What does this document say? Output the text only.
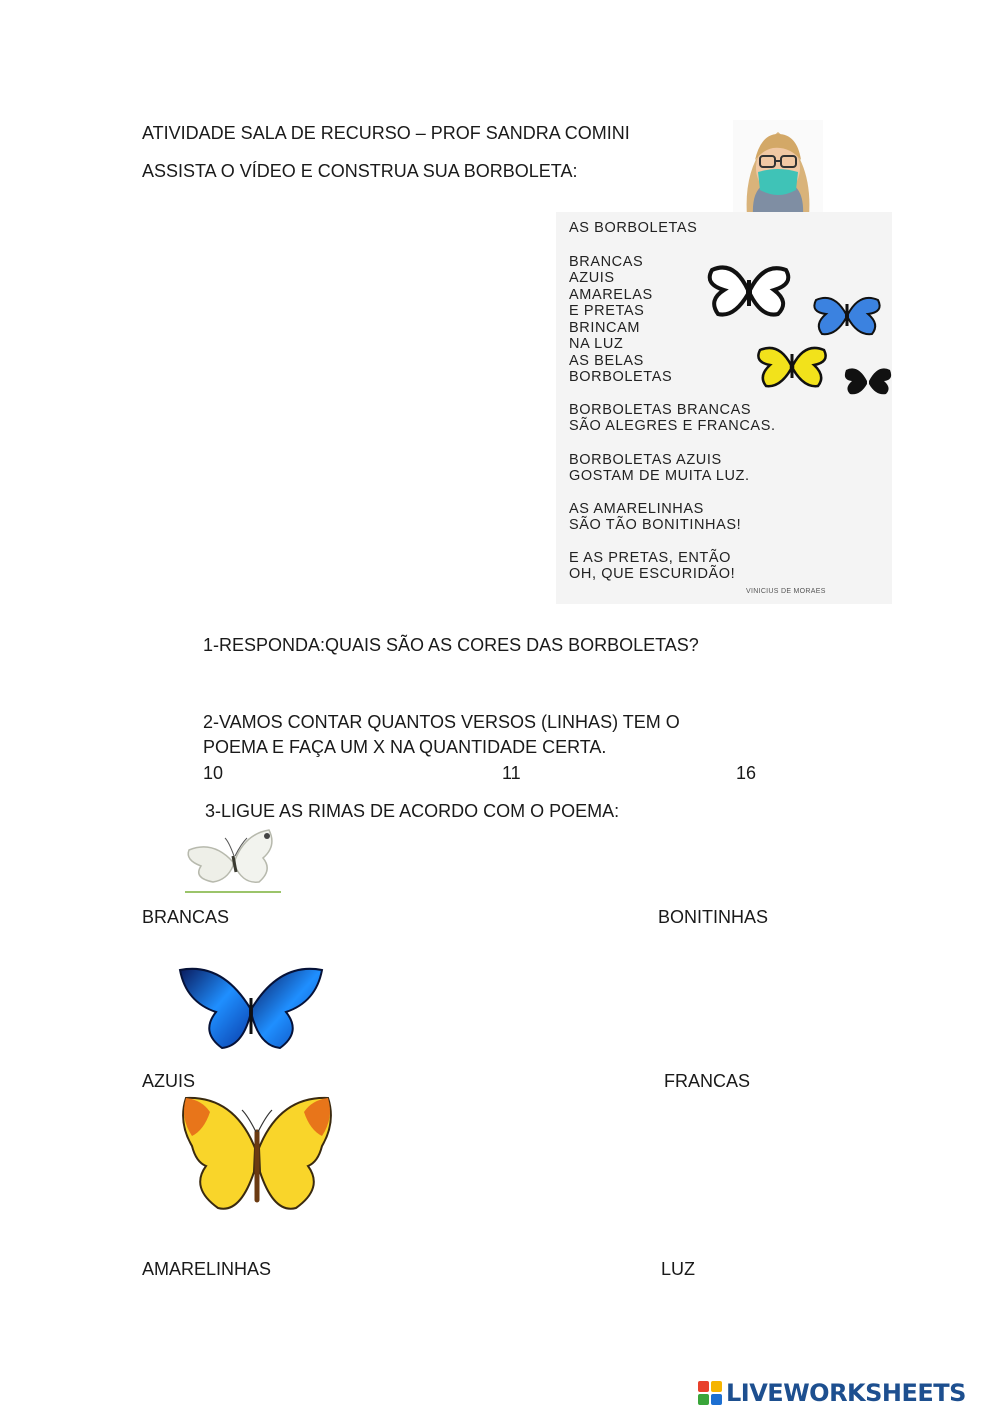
ATIVIDADE SALA DE RECURSO – PROF SANDRA COMINI
ASSISTA O VÍDEO E CONSTRUA SUA BORBOLETA:
AS BORBOLETAS
BRANCAS
AZUIS
AMARELAS
E PRETAS
BRINCAM
NA LUZ
AS BELAS
BORBOLETAS
BORBOLETAS BRANCAS
SÃO ALEGRES E FRANCAS.
BORBOLETAS AZUIS
GOSTAM DE MUITA LUZ.
AS AMARELINHAS
SÃO TÃO BONITINHAS!
E AS PRETAS, ENTÃO
OH, QUE ESCURIDÃO!
VINICIUS DE MORAES
1-RESPONDA:QUAIS SÃO AS CORES DAS BORBOLETAS?
2-VAMOS CONTAR QUANTOS VERSOS (LINHAS) TEM O
POEMA E FAÇA UM X NA QUANTIDADE CERTA.
10	11	16
3-LIGUE AS RIMAS DE ACORDO COM O POEMA:
BRANCAS	BONITINHAS
AZUIS	FRANCAS
AMARELINHAS	LUZ
LIVEWORKSHEETS
